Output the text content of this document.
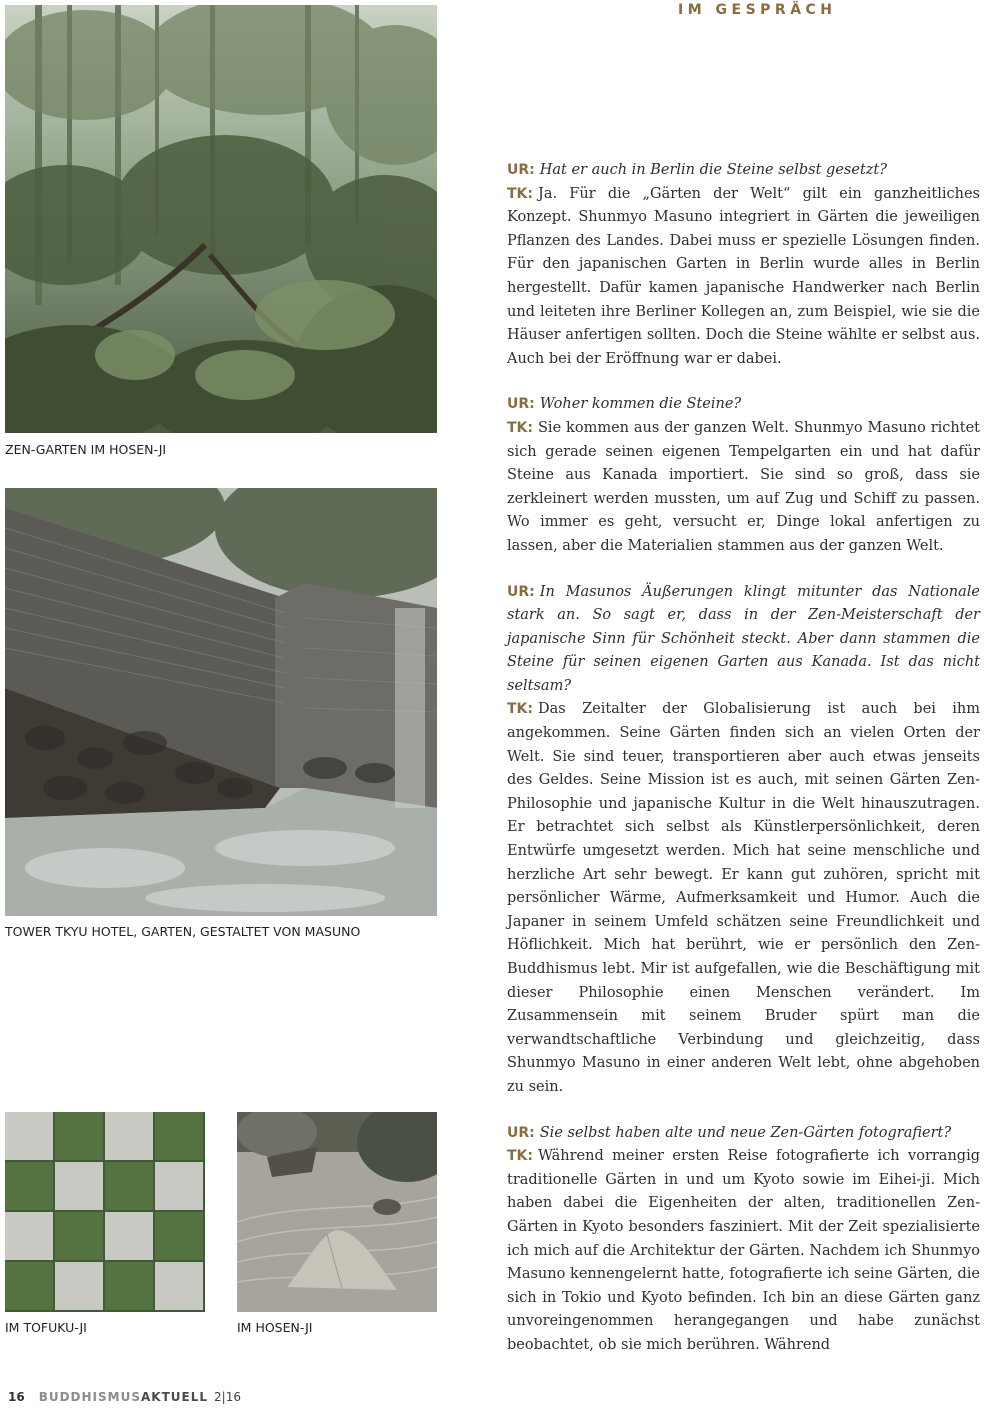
IM GESPRÄCH
ZEN-GARTEN IM HOSEN-JI
TOWER TKYU HOTEL, GARTEN, GESTALTET VON MASUNO
IM TOFUKU-JI	IM HOSEN-JI

UR: Hat er auch in Berlin die Steine selbst gesetzt?

TK: Ja. Für die „Gärten der Welt“ gilt ein ganzheitliches Konzept. Shunmyo Masuno integriert in Gärten die jeweiligen Pflanzen des Landes. Dabei muss er spezielle Lösungen finden. Für den japanischen Garten in Berlin wurde alles in Berlin hergestellt. Dafür kamen japanische Handwerker nach Berlin und leiteten ihre Berliner Kollegen an, zum Beispiel, wie sie die Häuser anfertigen sollten. Doch die Steine wählte er selbst aus. Auch bei der Eröffnung war er dabei.

UR: Woher kommen die Steine?

TK: Sie kommen aus der ganzen Welt. Shunmyo Masuno richtet sich gerade seinen eigenen Tempelgarten ein und hat dafür Steine aus Kanada importiert. Sie sind so groß, dass sie zerkleinert werden mussten, um auf Zug und Schiff zu passen. Wo immer es geht, versucht er, Dinge lokal anfertigen zu lassen, aber die Materialien stammen aus der ganzen Welt.

UR: In Masunos Äußerungen klingt mitunter das Nationale stark an. So sagt er, dass in der Zen-Meisterschaft der japanische Sinn für Schönheit steckt. Aber dann stammen die Steine für seinen eigenen Garten aus Kanada. Ist das nicht seltsam?

TK: Das Zeitalter der Globalisierung ist auch bei ihm angekommen. Seine Gärten finden sich an vielen Orten der Welt. Sie sind teuer, transportieren aber auch etwas jenseits des Geldes. Seine Mission ist es auch, mit seinen Gärten Zen-Philosophie und japanische Kultur in die Welt hinauszutragen. Er betrachtet sich selbst als Künstlerpersönlichkeit, deren Entwürfe umgesetzt werden. Mich hat seine menschliche und herzliche Art sehr bewegt. Er kann gut zuhören, spricht mit persönlicher Wärme, Aufmerksamkeit und Humor. Auch die Japaner in seinem Umfeld schätzen seine Freundlichkeit und Höflichkeit. Mich hat berührt, wie er persönlich den Zen-Buddhismus lebt. Mir ist aufgefallen, wie die Beschäftigung mit dieser Philosophie einen Menschen verändert. Im Zusammensein mit seinem Bruder spürt man die verwandtschaftliche Verbindung und gleichzeitig, dass Shunmyo Masuno in einer anderen Welt lebt, ohne abgehoben zu sein.

UR: Sie selbst haben alte und neue Zen-Gärten fotografiert?

TK: Während meiner ersten Reise fotografierte ich vorrangig traditionelle Gärten in und um Kyoto sowie im Eihei-ji. Mich haben dabei die Eigenheiten der alten, traditionellen Zen-Gärten in Kyoto besonders fasziniert. Mit der Zeit spezialisierte ich mich auf die Architektur der Gärten. Nachdem ich Shunmyo Masuno kennengelernt hatte, fotografierte ich seine Gärten, die sich in Tokio und Kyoto befinden. Ich bin an diese Gärten ganz unvoreingenommen herangegangen und habe zunächst beobachtet, ob sie mich berühren. Während

16 BUDDHISMUSAKTUELL 2|16
